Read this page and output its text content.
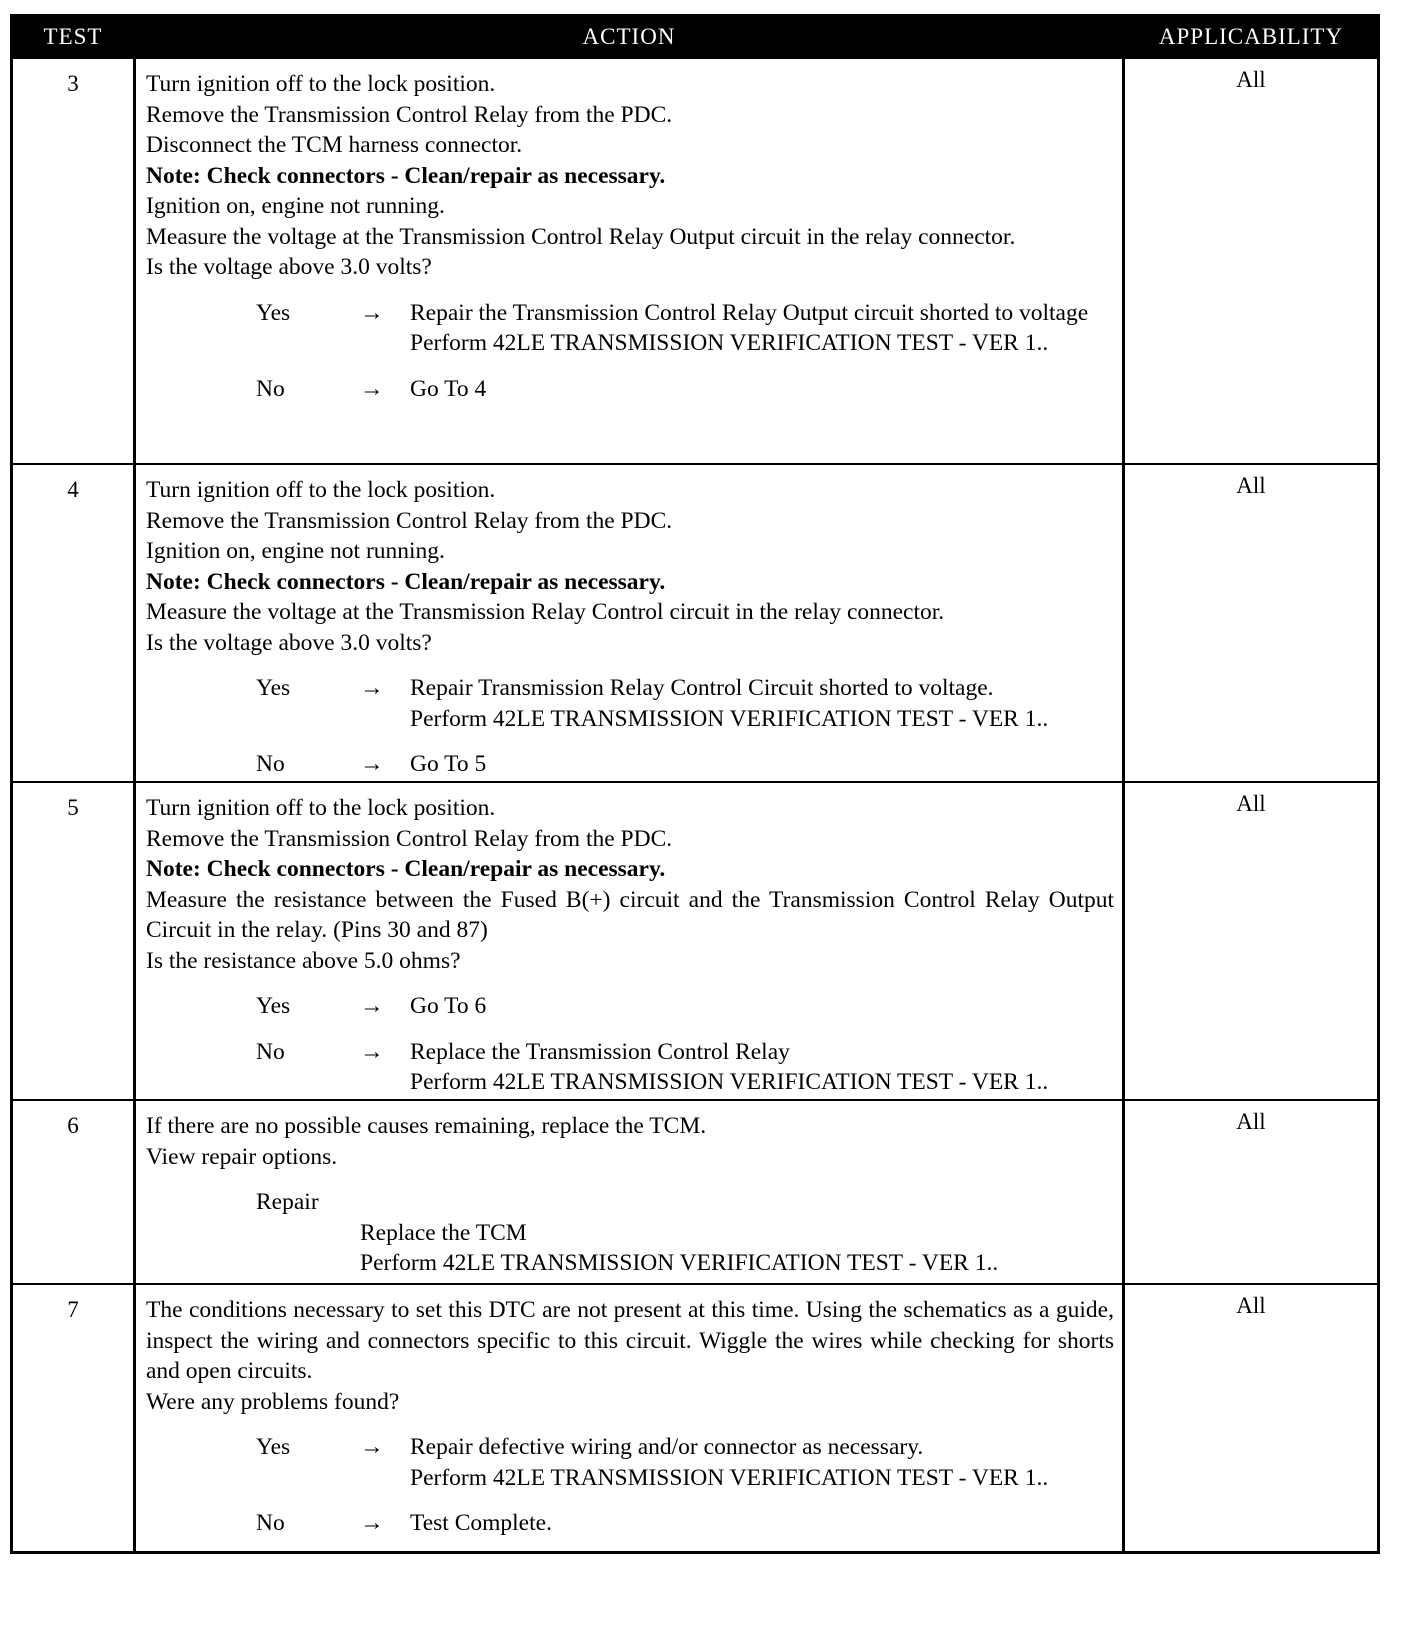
TEST	ACTION	APPLICABILITY
3	Turn ignition off to the lock position.
Remove the Transmission Control Relay from the PDC.
Disconnect the TCM harness connector.
Note: Check connectors - Clean/repair as necessary.
Ignition on, engine not running.
Measure the voltage at the Transmission Control Relay Output circuit in the relay connector.
Is the voltage above 3.0 volts?
Yes	→	Repair the Transmission Control Relay Output circuit shorted to voltage
Perform 42LE TRANSMISSION VERIFICATION TEST - VER 1..
No	→	Go To 4
All
4	Turn ignition off to the lock position.
Remove the Transmission Control Relay from the PDC.
Ignition on, engine not running.
Note: Check connectors - Clean/repair as necessary.
Measure the voltage at the Transmission Relay Control circuit in the relay connector.
Is the voltage above 3.0 volts?
Yes	→	Repair Transmission Relay Control Circuit shorted to voltage.
Perform 42LE TRANSMISSION VERIFICATION TEST - VER 1..
No	→	Go To 5
All
5	Turn ignition off to the lock position.
Remove the Transmission Control Relay from the PDC.
Note: Check connectors - Clean/repair as necessary.
Measure the resistance between the Fused B(+) circuit and the Transmission Control Relay Output Circuit in the relay. (Pins 30 and 87)
Is the resistance above 5.0 ohms?
Yes	→	Go To 6
No	→	Replace the Transmission Control Relay
Perform 42LE TRANSMISSION VERIFICATION TEST - VER 1..
All
6	If there are no possible causes remaining, replace the TCM.
View repair options.
Repair
Replace the TCM
Perform 42LE TRANSMISSION VERIFICATION TEST - VER 1..
All
7	The conditions necessary to set this DTC are not present at this time. Using the schematics as a guide, inspect the wiring and connectors specific to this circuit. Wiggle the wires while checking for shorts and open circuits.
Were any problems found?
Yes	→	Repair defective wiring and/or connector as necessary.
Perform 42LE TRANSMISSION VERIFICATION TEST - VER 1..
No	→	Test Complete.
All
